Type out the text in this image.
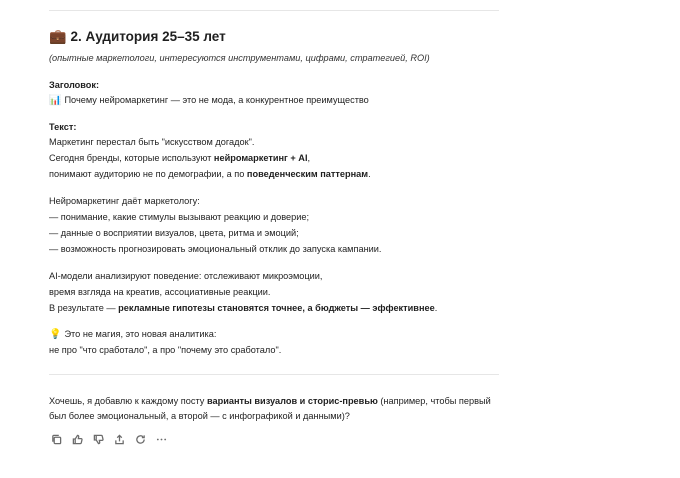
💼 2. Аудитория 25–35 лет
(опытные маркетологи, интересуются инструментами, цифрами, стратегией, ROI)
Заголовок:
📊 Почему нейромаркетинг — это не мода, а конкурентное преимущество
Текст:
Маркетинг перестал быть "искусством догадок".
Сегодня бренды, которые используют нейромаркетинг + AI,
понимают аудиторию не по демографии, а по поведенческим паттернам.
Нейромаркетинг даёт маркетологу:
— понимание, какие стимулы вызывают реакцию и доверие;
— данные о восприятии визуалов, цвета, ритма и эмоций;
— возможность прогнозировать эмоциональный отклик до запуска кампании.
AI-модели анализируют поведение: отслеживают микроэмоции,
время взгляда на креатив, ассоциативные реакции.
В результате — рекламные гипотезы становятся точнее, а бюджеты — эффективнее.
💡 Это не магия, это новая аналитика:
не про "что сработало", а про "почему это сработало".
Хочешь, я добавлю к каждому посту варианты визуалов и сторис-превью (например, чтобы первый
был более эмоциональный, а второй — с инфографикой и данными)?
